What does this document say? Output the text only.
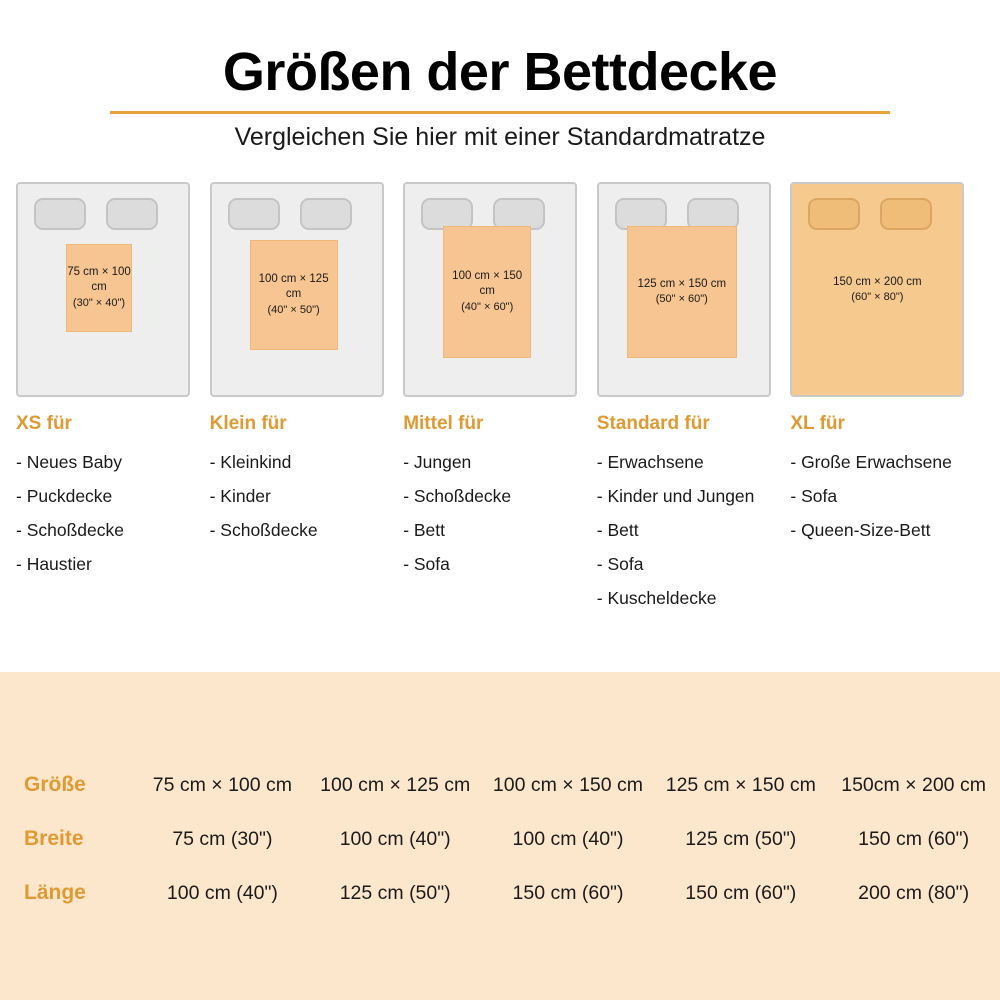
Größen der Bettdecke
Vergleichen Sie hier mit einer Standardmatratze
75 cm × 100 cm
(30" × 40")
XS für
- Neues Baby
- Puckdecke
- Schoßdecke
- Haustier
100 cm × 125 cm
(40" × 50")
Klein für
- Kleinkind
- Kinder
- Schoßdecke
100 cm × 150 cm
(40" × 60")
Mittel für
- Jungen
- Schoßdecke
- Bett
- Sofa
125 cm × 150 cm
(50" × 60")
Standard für
- Erwachsene
- Kinder und Jungen
- Bett
- Sofa
- Kuscheldecke
150 cm × 200 cm
(60" × 80")
XL für
- Große Erwachsene
- Sofa
- Queen-Size-Bett
Größe	75 cm × 100 cm	100 cm × 125 cm	100 cm × 150 cm	125 cm × 150 cm	150cm × 200 cm
Breite	75 cm (30")	100 cm (40")	100 cm (40")	125 cm (50")	150 cm (60")
Länge	100 cm (40")	125 cm (50")	150 cm (60")	150 cm (60")	200 cm (80")
